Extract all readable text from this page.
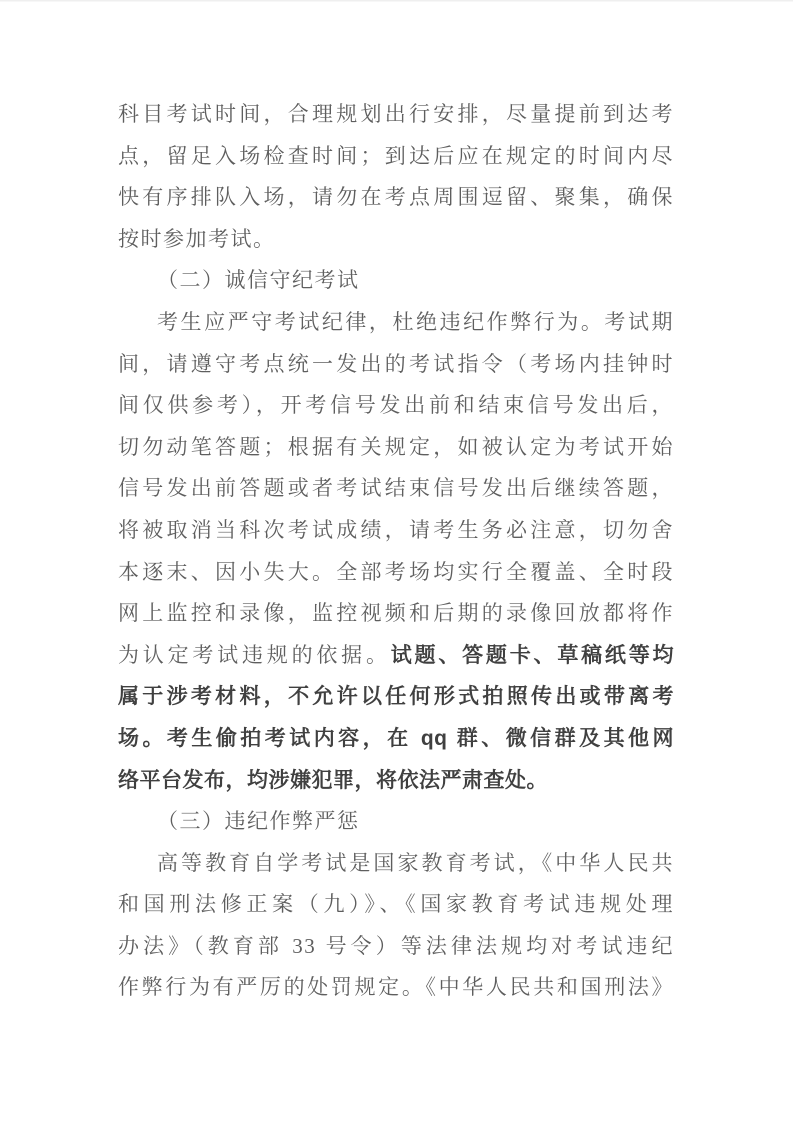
科目考试时间，合理规划出行安排，尽量提前到达考
点，留足入场检查时间；到达后应在规定的时间内尽
快有序排队入场，请勿在考点周围逗留、聚集，确保
按时参加考试。
（二）诚信守纪考试
考生应严守考试纪律，杜绝违纪作弊行为。考试期
间，请遵守考点统一发出的考试指令（考场内挂钟时
间仅供参考），开考信号发出前和结束信号发出后，
切勿动笔答题；根据有关规定，如被认定为考试开始
信号发出前答题或者考试结束信号发出后继续答题，
将被取消当科次考试成绩，请考生务必注意，切勿舍
本逐末、因小失大。全部考场均实行全覆盖、全时段
网上监控和录像，监控视频和后期的录像回放都将作
为认定考试违规的依据。试题、答题卡、草稿纸等均
属于涉考材料，不允许以任何形式拍照传出或带离考
场。考生偷拍考试内容，在 qq 群、微信群及其他网
络平台发布，均涉嫌犯罪，将依法严肃查处。
（三）违纪作弊严惩
高等教育自学考试是国家教育考试，《中华人民共
和国刑法修正案（九）》、《国家教育考试违规处理
办法》（教育部 33 号令）等法律法规均对考试违纪
作弊行为有严厉的处罚规定。《中华人民共和国刑法》
